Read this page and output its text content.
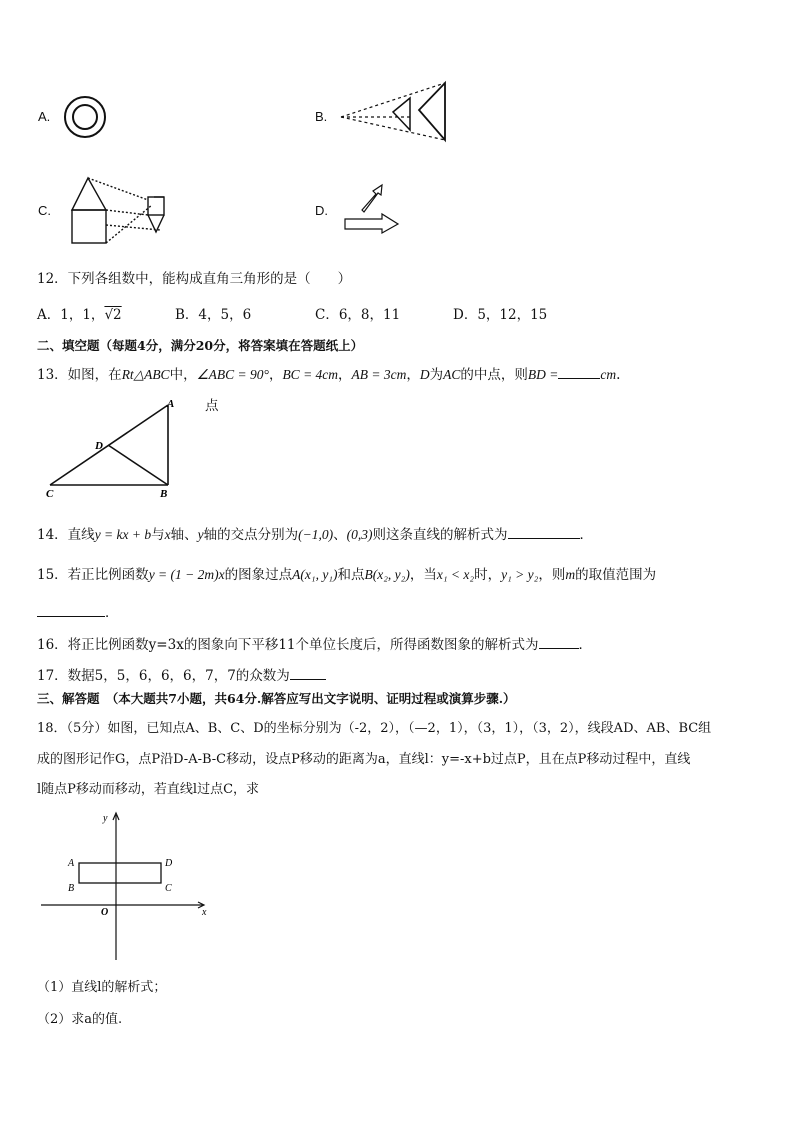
A.	B.
C.	D.
12．下列各组数中，能构成直角三角形的是（　　）
A．1，1，√2	B．4，5，6	C．6，8，11	D．5，12，15
二、填空题（每题4分，满分20分，将答案填在答题纸上）
13．如图，在Rt△ABC中，∠ABC = 90°，BC = 4cm，AB = 3cm，D为AC的中点，则BD =	cm.
点
A
B
C
D
14．直线y = kx + b与x轴、y轴的交点分别为(−1,0)、(0,3)则这条直线的解析式为	．
15．若正比例函数y = (1 − 2m)x的图象过点A(x₁, y₁)和点B(x₂, y₂)，当x₁ < x₂时，y₁ > y₂，则m的取值范围为
．
16．将正比例函数y=3x的图象向下平移11个单位长度后，所得函数图象的解析式为	．
17．数据5，5，6，6，6，7，7的众数为
三、解答题　（本大题共7小题，共64分.解答应写出文字说明、证明过程或演算步骤.）
18．（5分）如图，已知点A、B、C、D的坐标分别为（-2，2），（—2，1），（3，1），（3，2），线段AD、AB、BC组
成的图形记作G，点P沿D-A-B-C移动，设点P移动的距离为a，直线l：y=-x+b过点P，且在点P移动过程中，直线
l随点P移动而移动，若直线l过点C，求
y
x
O
A
B	C
D
（1）直线l的解析式；
（2）求a的值.
